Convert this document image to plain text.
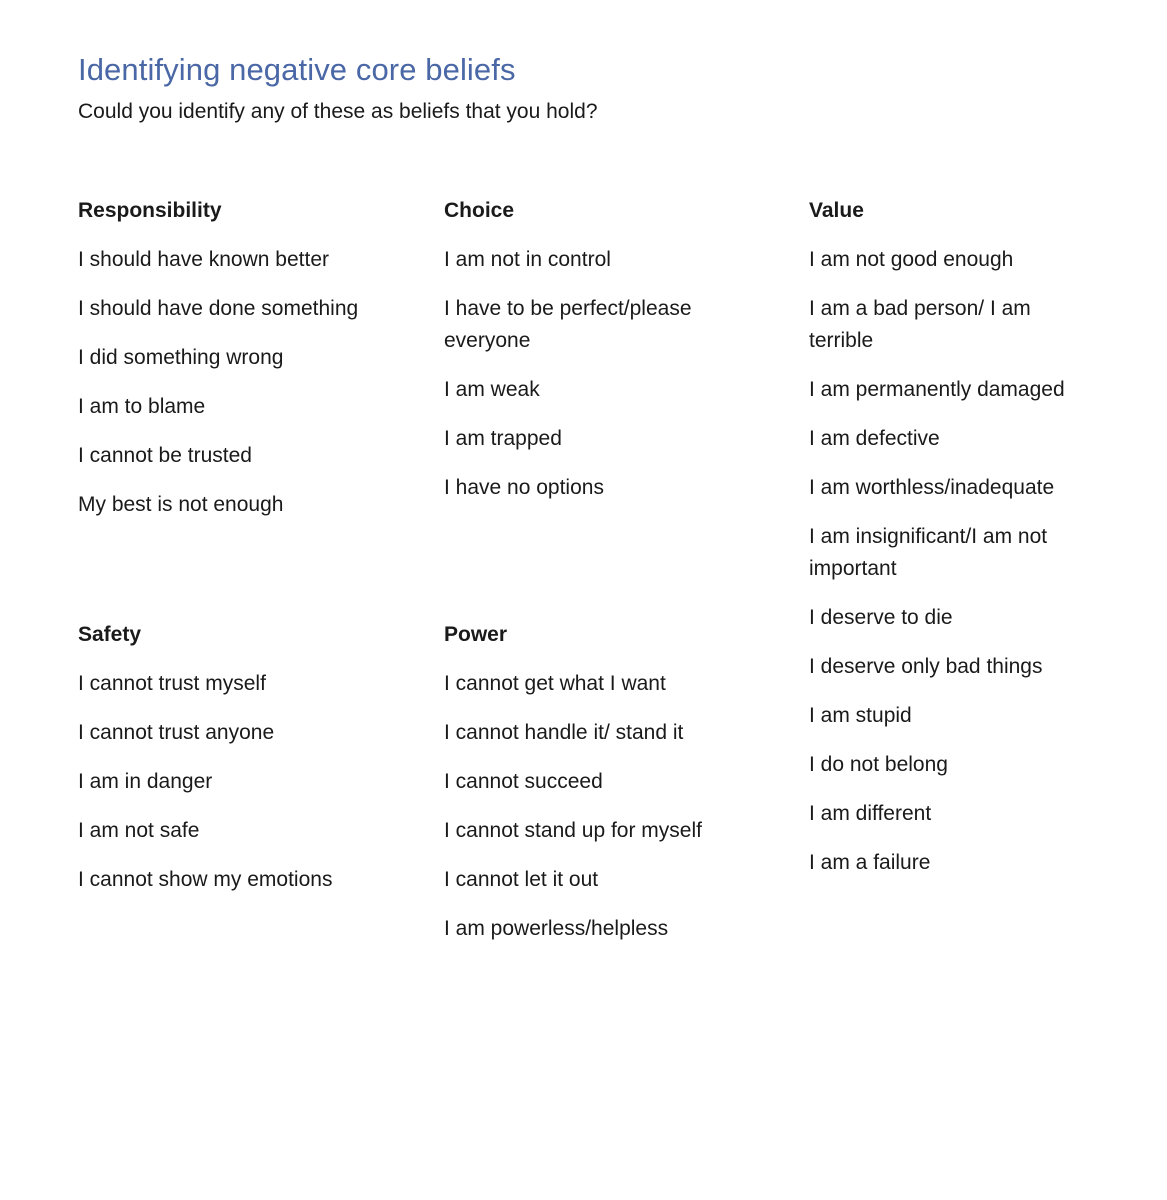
Identifying negative core beliefs

Could you identify any of these as beliefs that you hold?

Responsibility
I should have known better
I should have done something
I did something wrong
I am to blame
I cannot be trusted
My best is not enough
Choice
I am not in control
I have to be perfect/please everyone
I am weak
I am trapped
I have no options
Value
I am not good enough
I am a bad person/ I am terrible
I am permanently damaged
I am defective
I am worthless/inadequate
I am insignificant/I am not important
I deserve to die
I deserve only bad things
I am stupid
I do not belong
I am different
I am a failure
Safety
I cannot trust myself
I cannot trust anyone
I am in danger
I am not safe
I cannot show my emotions
Power
I cannot get what I want
I cannot handle it/ stand it
I cannot succeed
I cannot stand up for myself
I cannot let it out
I am powerless/helpless
